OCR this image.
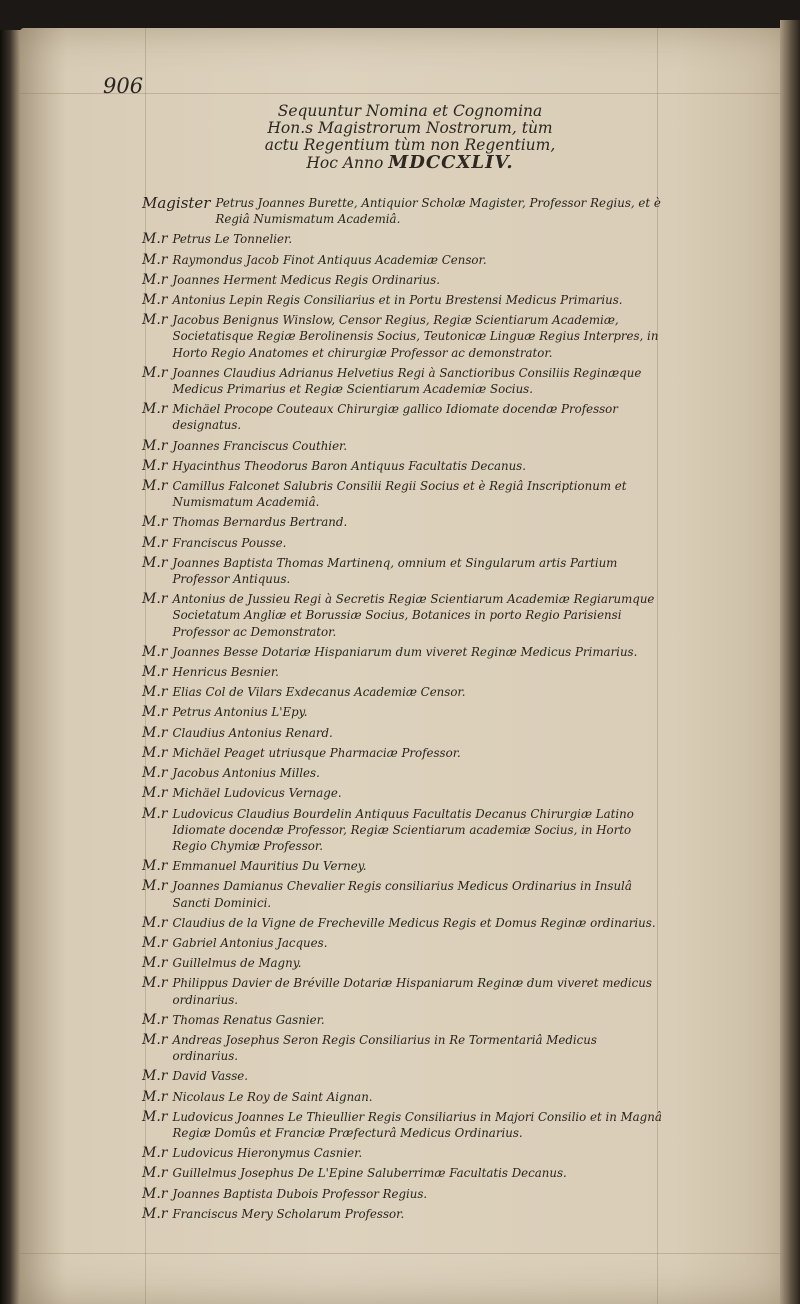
906
Sequuntur Nomina et Cognomina
Hon.s Magistrorum Nostrorum, tùm
actu Regentium tùm non Regentium,
Hoc Anno MDCCXLIV.
Magister Petrus Joannes Burette, Antiquior Scholæ Magister, Professor Regius, et è Regiâ Numismatum Academiâ.
M.r Petrus Le Tonnelier.
M.r Raymondus Jacob Finot Antiquus Academiæ Censor.
M.r Joannes Herment Medicus Regis Ordinarius.
M.r Antonius Lepin Regis Consiliarius et in Portu Brestensi Medicus Primarius.
M.r Jacobus Benignus Winslow, Censor Regius, Regiæ Scientiarum Academiæ, Societatisque Regiæ Berolinensis Socius, Teutonicæ Linguæ Regius Interpres, in Horto Regio Anatomes et chirurgiæ Professor ac demonstrator.
M.r Joannes Claudius Adrianus Helvetius Regi à Sanctioribus Consiliis Reginæque Medicus Primarius et Regiæ Scientiarum Academiæ Socius.
M.r Michäel Procope Couteaux Chirurgiæ gallico Idiomate docendæ Professor designatus.
M.r Joannes Franciscus Couthier.
M.r Hyacinthus Theodorus Baron Antiquus Facultatis Decanus.
M.r Camillus Falconet Salubris Consilii Regii Socius et è Regiâ Inscriptionum et Numismatum Academiâ.
M.r Thomas Bernardus Bertrand.
M.r Franciscus Pousse.
M.r Joannes Baptista Thomas Martinenq, omnium et Singularum artis Partium Professor Antiquus.
M.r Antonius de Jussieu Regi à Secretis Regiæ Scientiarum Academiæ Regiarumque Societatum Angliæ et Borussiæ Socius, Botanices in porto Regio Parisiensi Professor ac Demonstrator.
M.r Joannes Besse Dotariæ Hispaniarum dum viveret Reginæ Medicus Primarius.
M.r Henricus Besnier.
M.r Elias Col de Vilars Exdecanus Academiæ Censor.
M.r Petrus Antonius L'Epy.
M.r Claudius Antonius Renard.
M.r Michäel Peaget utriusque Pharmaciæ Professor.
M.r Jacobus Antonius Milles.
M.r Michäel Ludovicus Vernage.
M.r Ludovicus Claudius Bourdelin Antiquus Facultatis Decanus Chirurgiæ Latino Idiomate docendæ Professor, Regiæ Scientiarum academiæ Socius, in Horto Regio Chymiæ Professor.
M.r Emmanuel Mauritius Du Verney.
M.r Joannes Damianus Chevalier Regis consiliarius Medicus Ordinarius in Insulâ Sancti Dominici.
M.r Claudius de la Vigne de Frecheville Medicus Regis et Domus Reginæ ordinarius.
M.r Gabriel Antonius Jacques.
M.r Guillelmus de Magny.
M.r Philippus Davier de Bréville Dotariæ Hispaniarum Reginæ dum viveret medicus ordinarius.
M.r Thomas Renatus Gasnier.
M.r Andreas Josephus Seron Regis Consiliarius in Re Tormentariâ Medicus ordinarius.
M.r David Vasse.
M.r Nicolaus Le Roy de Saint Aignan.
M.r Ludovicus Joannes Le Thieullier Regis Consiliarius in Majori Consilio et in Magnâ Regiæ Domûs et Franciæ Præfecturâ Medicus Ordinarius.
M.r Ludovicus Hieronymus Casnier.
M.r Guillelmus Josephus De L'Epine Saluberrimæ Facultatis Decanus.
M.r Joannes Baptista Dubois Professor Regius.
M.r Franciscus Mery Scholarum Professor.
